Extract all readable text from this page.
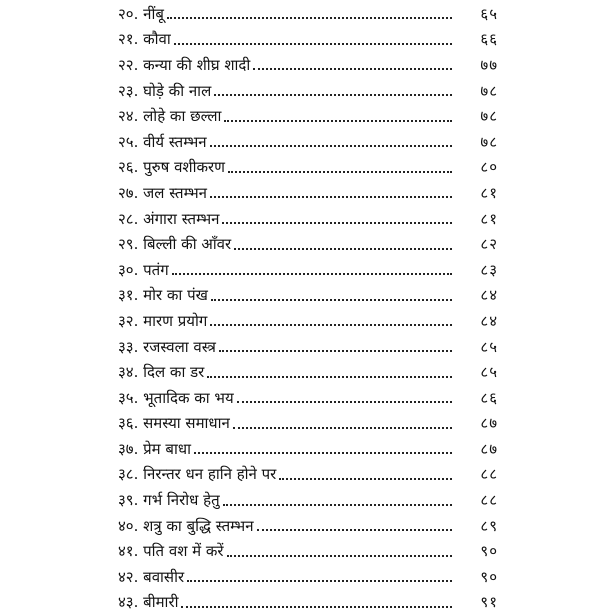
२०. नींबू	६५
२१. कौवा	६६
२२. कन्या की शीघ्र शादी	७७
२३. घोड़े की नाल	७८
२४. लोहे का छल्ला	७८
२५. वीर्य स्तम्भन	७८
२६. पुरुष वशीकरण	८०
२७. जल स्तम्भन	८१
२८. अंगारा स्तम्भन	८१
२९. बिल्ली की आँवर	८२
३०. पतंग	८३
३१. मोर का पंख	८४
३२. मारण प्रयोग	८४
३३. रजस्वला वस्त्र	८५
३४. दिल का डर	८५
३५. भूतादिक का भय	८६
३६. समस्या समाधान	८७
३७. प्रेम बाधा	८७
३८. निरन्तर धन हानि होने पर	८८
३९. गर्भ निरोध हेतु	८८
४०. शत्रु का बुद्धि स्तम्भन	८९
४१. पति वश में करें	९०
४२. बवासीर	९०
४३. बीमारी	९१
